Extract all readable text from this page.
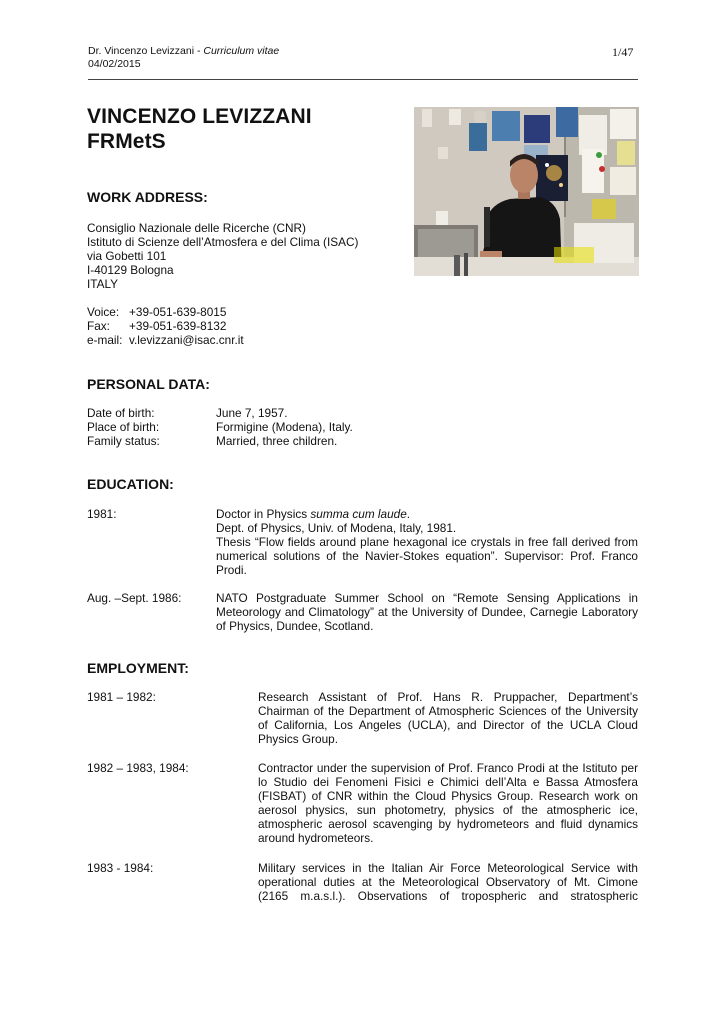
Dr. Vincenzo Levizzani - Curriculum vitae
04/02/2015
1/47
VINCENZO LEVIZZANI
FRMetS
WORK ADDRESS:
Consiglio Nazionale delle Ricerche (CNR)
Istituto di Scienze dell’Atmosfera e del Clima (ISAC)
via Gobetti 101
I-40129 Bologna
ITALY
Voice: +39-051-639-8015
Fax: +39-051-639-8132
e-mail: v.levizzani@isac.cnr.it
PERSONAL DATA:
Date of birth:	June 7, 1957.
Place of birth:	Formigine (Modena), Italy.
Family status:	Married, three children.
EDUCATION:
1981:	Doctor in Physics summa cum laude.
Dept. of Physics, Univ. of Modena, Italy, 1981.
Thesis “Flow fields around plane hexagonal ice crystals in free fall derived from numerical solutions of the Navier-Stokes equation”. Supervisor: Prof. Franco Prodi.
Aug. –Sept. 1986:	NATO Postgraduate Summer School on “Remote Sensing Applications in Meteorology and Climatology” at the University of Dundee, Carnegie Laboratory of Physics, Dundee, Scotland.
EMPLOYMENT:
1981 – 1982:	Research Assistant of Prof. Hans R. Pruppacher, Department’s Chairman of the Department of Atmospheric Sciences of the University of California, Los Angeles (UCLA), and Director of the UCLA Cloud Physics Group.
1982 – 1983, 1984:	Contractor under the supervision of Prof. Franco Prodi at the Istituto per lo Studio dei Fenomeni Fisici e Chimici dell’Alta e Bassa Atmosfera (FISBAT) of CNR within the Cloud Physics Group. Research work on aerosol physics, sun photometry, physics of the atmospheric ice, atmospheric aerosol scavenging by hydrometeors and fluid dynamics around hydrometeors.
1983 - 1984:	Military services in the Italian Air Force Meteorological Service with operational duties at the Meteorological Observatory of Mt. Cimone (2165 m.a.s.l.). Observations of tropospheric and stratospheric
